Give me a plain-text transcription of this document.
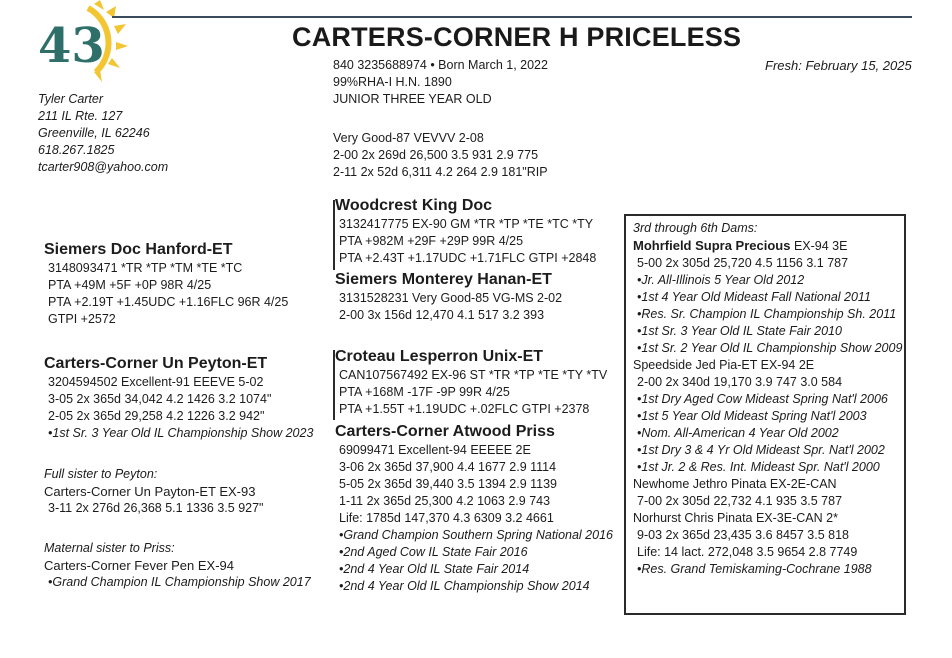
43	CARTERS-CORNER H PRICELESS
Fresh: February 15, 2025
Tyler Carter
211 IL Rte. 127
Greenville, IL 62246
618.267.1825
tcarter908@yahoo.com
840 3235688974 • Born March 1, 2022
99%RHA-I H.N. 1890
JUNIOR THREE YEAR OLD
Very Good-87 VEVVV 2-08
2-00 2x 269d 26,500 3.5 931 2.9 775
2-11 2x 52d 6,311 4.2 264 2.9 181"RIP
Siemers Doc Hanford-ET
3148093471 *TR *TP *TM *TE *TC
PTA +49M +5F +0P 98R 4/25
PTA +2.19T +1.45UDC +1.16FLC 96R 4/25
GTPI +2572
Carters-Corner Un Peyton-ET
3204594502 Excellent-91 EEEVE 5-02
3-05 2x 365d 34,042 4.2 1426 3.2 1074"
2-05 2x 365d 29,258 4.2 1226 3.2 942"
•1st Sr. 3 Year Old IL Championship Show 2023
Full sister to Peyton:
Carters-Corner Un Payton-ET EX-93
3-11 2x 276d 26,368 5.1 1336 3.5 927"
Maternal sister to Priss:
Carters-Corner Fever Pen EX-94
•Grand Champion IL Championship Show 2017
Woodcrest King Doc
3132417775 EX-90 GM *TR *TP *TE *TC *TY
PTA +982M +29F +29P 99R 4/25
PTA +2.43T +1.17UDC +1.71FLC GTPI +2848
Siemers Monterey Hanan-ET
3131528231 Very Good-85 VG-MS 2-02
2-00 3x 156d 12,470 4.1 517 3.2 393
Croteau Lesperron Unix-ET
CAN107567492 EX-96 ST *TR *TP *TE *TY *TV
PTA +168M -17F -9P 99R 4/25
PTA +1.55T +1.19UDC +.02FLC GTPI +2378
Carters-Corner Atwood Priss
69099471 Excellent-94 EEEEE 2E
3-06 2x 365d 37,900 4.4 1677 2.9 1114
5-05 2x 365d 39,440 3.5 1394 2.9 1139
1-11 2x 365d 25,300 4.2 1063 2.9 743
Life: 1785d 147,370 4.3 6309 3.2 4661
•Grand Champion Southern Spring National 2016
•2nd Aged Cow IL State Fair 2016
•2nd 4 Year Old IL State Fair 2014
•2nd 4 Year Old IL Championship Show 2014
3rd through 6th Dams:
Mohrfield Supra Precious EX-94 3E
5-00 2x 305d 25,720 4.5 1156 3.1 787
•Jr. All-Illinois 5 Year Old 2012
•1st 4 Year Old Mideast Fall National 2011
•Res. Sr. Champion IL Championship Sh. 2011
•1st Sr. 3 Year Old IL State Fair 2010
•1st Sr. 2 Year Old IL Championship Show 2009
Speedside Jed Pia-ET EX-94 2E
2-00 2x 340d 19,170 3.9 747 3.0 584
•1st Dry Aged Cow Mideast Spring Nat'l 2006
•1st 5 Year Old Mideast Spring Nat'l 2003
•Nom. All-American 4 Year Old 2002
•1st Dry 3 & 4 Yr Old Mideast Spr. Nat'l 2002
•1st Jr. 2 & Res. Int. Mideast Spr. Nat'l 2000
Newhome Jethro Pinata EX-2E-CAN
7-00 2x 305d 22,732 4.1 935 3.5 787
Norhurst Chris Pinata EX-3E-CAN 2*
9-03 2x 365d 23,435 3.6 8457 3.5 818
Life: 14 lact. 272,048 3.5 9654 2.8 7749
•Res. Grand Temiskaming-Cochrane 1988
